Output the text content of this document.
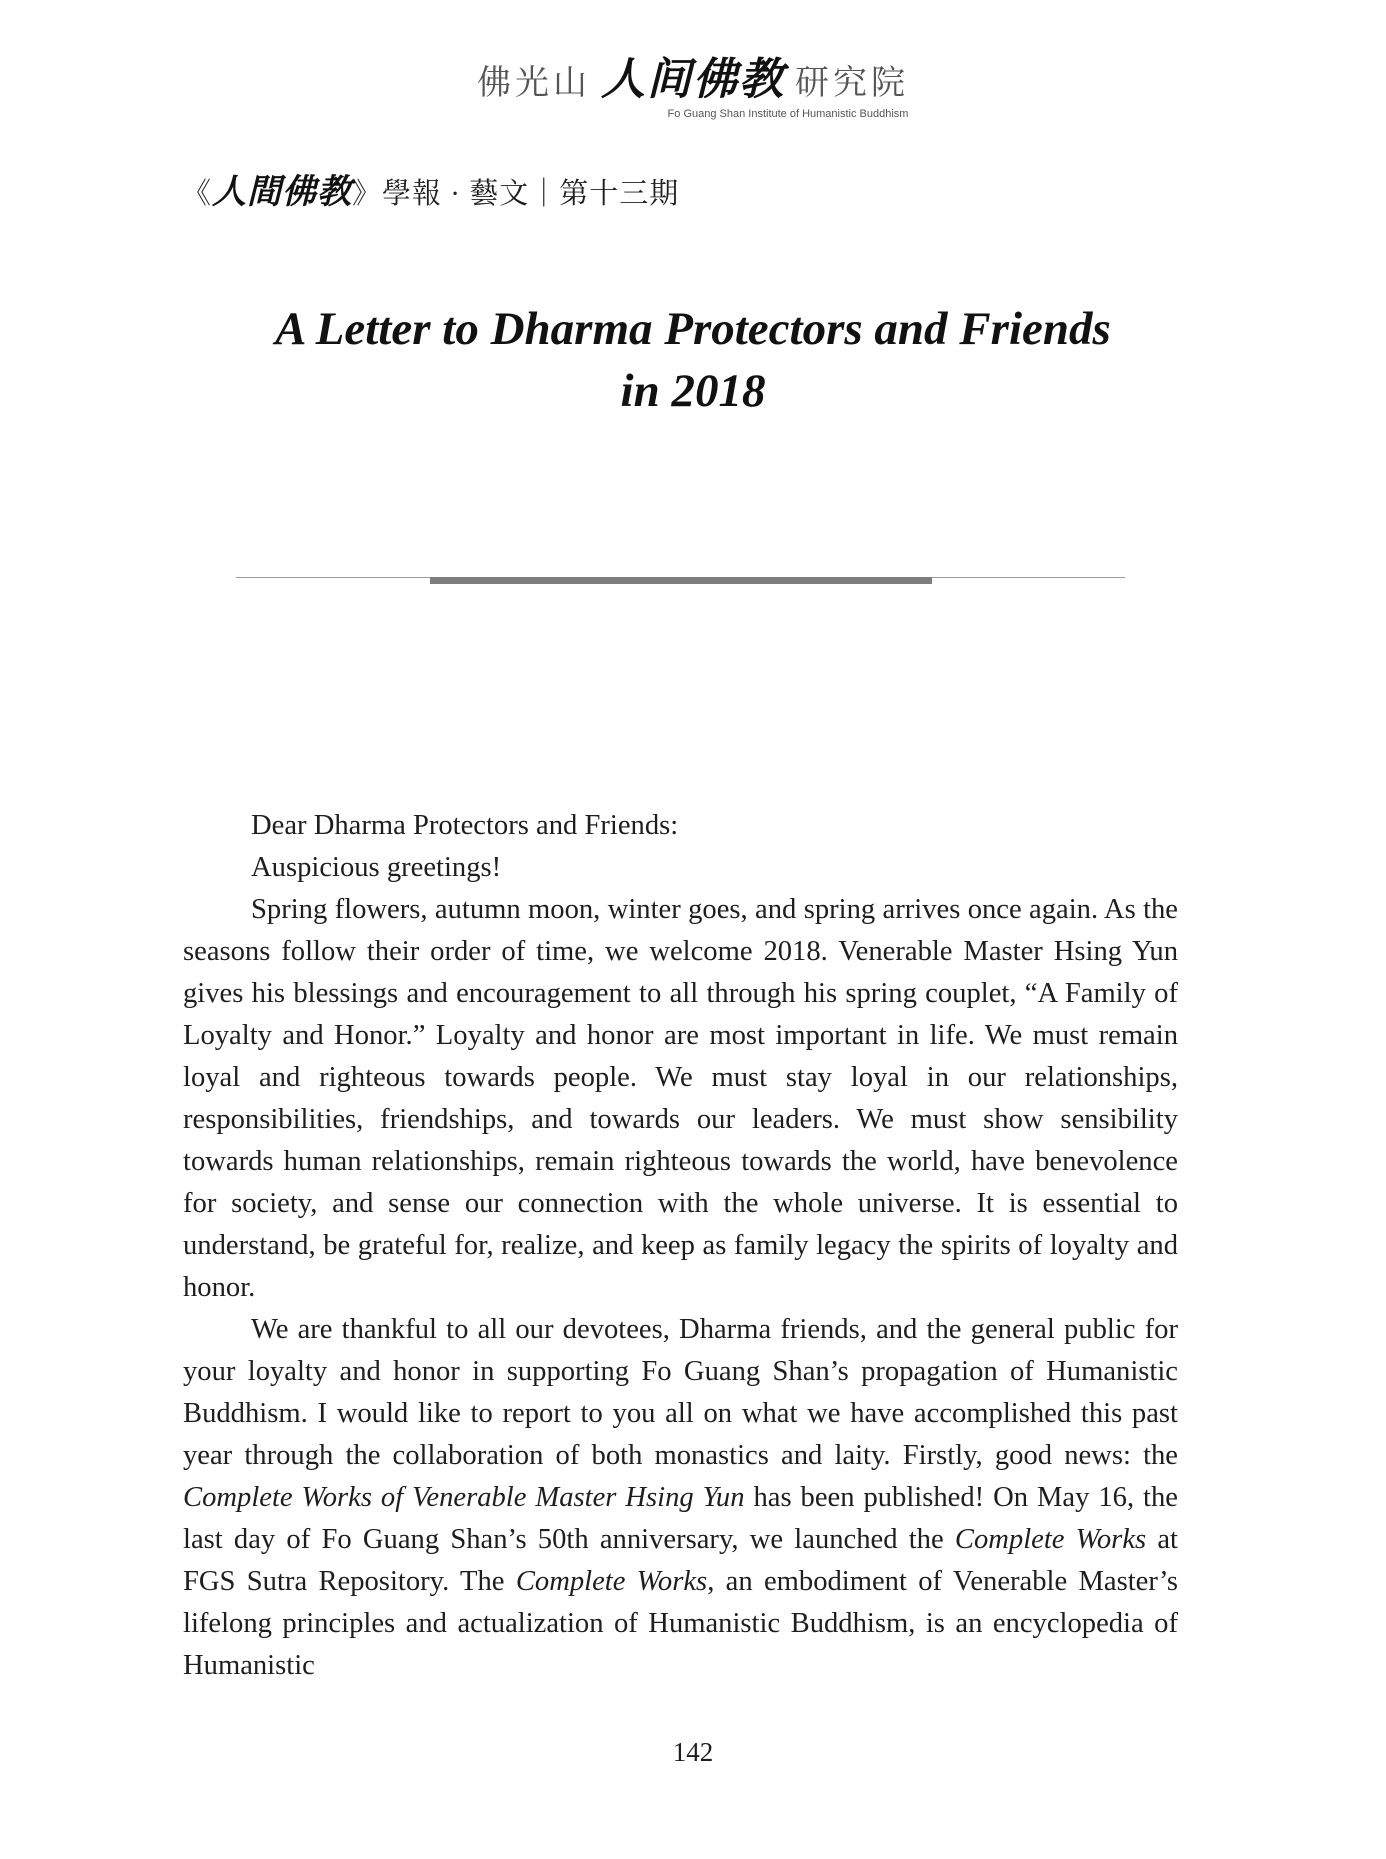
佛光山 人间佛教 研究院
Fo Guang Shan Institute of Humanistic Buddhism
《人間佛教》學報 · 藝文｜第十三期
A Letter to Dharma Protectors and Friends
in 2018

Dear Dharma Protectors and Friends:

Auspicious greetings!

Spring flowers, autumn moon, winter goes, and spring arrives once again. As the seasons follow their order of time, we welcome 2018. Venerable Master Hsing Yun gives his blessings and encouragement to all through his spring couplet, “A Family of Loyalty and Honor.” Loyalty and honor are most important in life. We must remain loyal and righteous towards people. We must stay loyal in our relationships, responsibilities, friendships, and towards our leaders. We must show sensibility towards human relationships, remain righteous towards the world, have benevolence for society, and sense our connection with the whole universe. It is essential to understand, be grateful for, realize, and keep as family legacy the spirits of loyalty and honor.

We are thankful to all our devotees, Dharma friends, and the general public for your loyalty and honor in supporting Fo Guang Shan’s propagation of Humanistic Buddhism. I would like to report to you all on what we have accomplished this past year through the collaboration of both monastics and laity. Firstly, good news: the Complete Works of Venerable Master Hsing Yun has been published! On May 16, the last day of Fo Guang Shan’s 50th anniversary, we launched the Complete Works at FGS Sutra Repository. The Complete Works, an embodiment of Venerable Master’s lifelong principles and actualization of Humanistic Buddhism, is an encyclopedia of Humanistic

142
